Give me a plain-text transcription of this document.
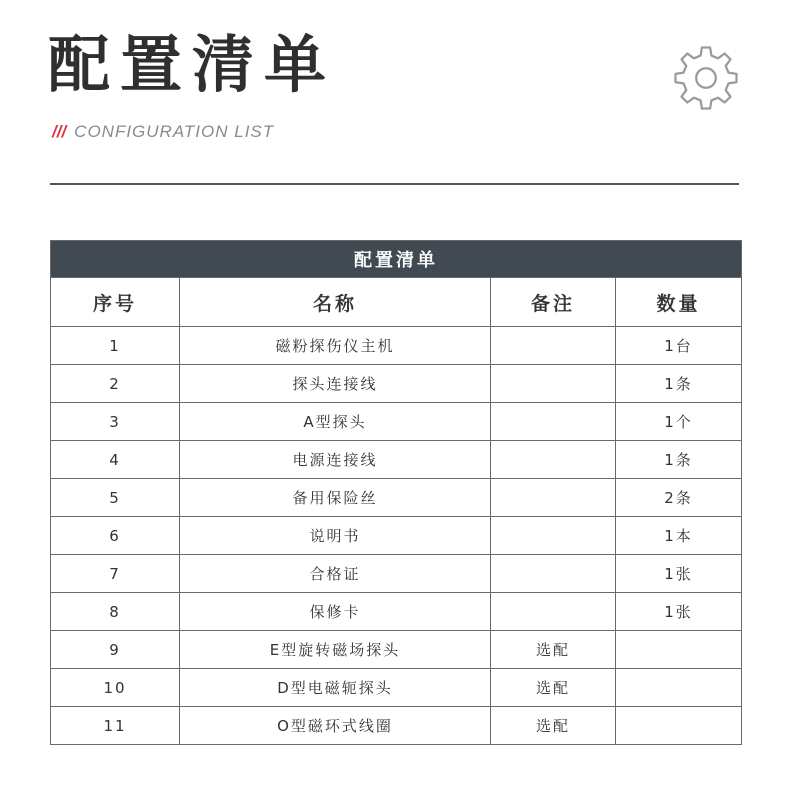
配置清单
/// CONFIGURATION LIST
配置清单			
序号	名称	备注	数量
1	磁粉探伤仪主机		1台
2	探头连接线		1条
3	A型探头		1个
4	电源连接线		1条
5	备用保险丝		2条
6	说明书		1本
7	合格证		1张
8	保修卡		1张
9	E型旋转磁场探头	选配	
10	D型电磁轭探头	选配	
11	O型磁环式线圈	选配	
